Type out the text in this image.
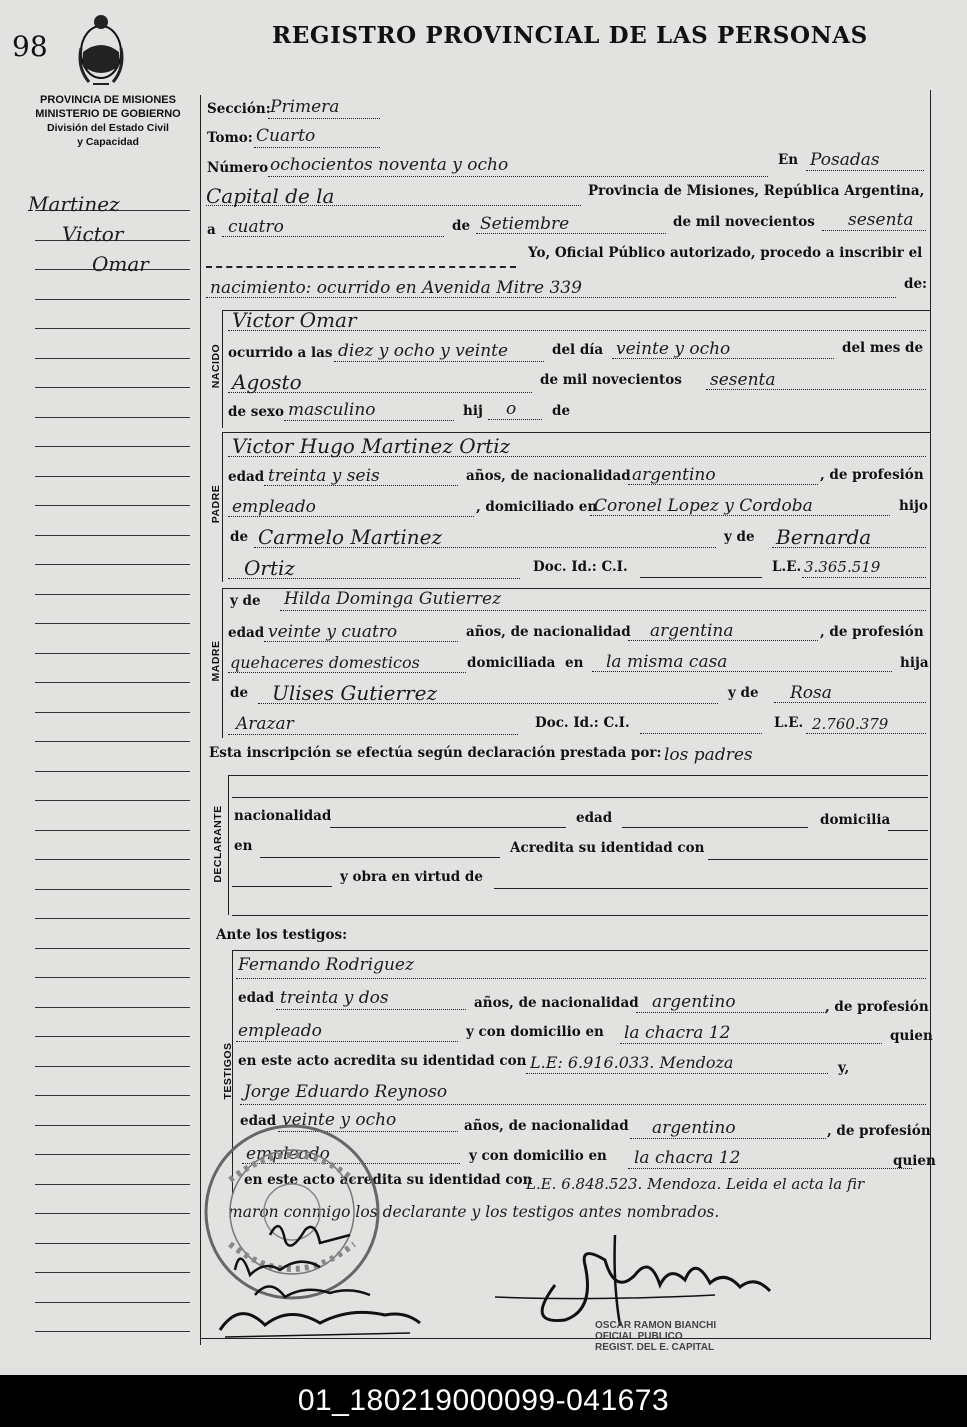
98	REGISTRO PROVINCIAL DE LAS PERSONAS
PROVINCIA DE MISIONES
MINISTERIO DE GOBIERNO
División del Estado Civil
y Capacidad
Martinez
Victor
Omar
Sección: Primera
Tomo: Cuarto
Número ochocientos noventa y ocho	En Posadas
Capital de la	Provincia de Misiones, República Argentina,
a cuatro	de Setiembre	de mil novecientos sesenta
Yo, Oficial Público autorizado, procedo a inscribir el
nacimiento: ocurrido en Avenida Mitre 339	de:
NACIDO
Victor Omar
ocurrido a las diez y ocho y veinte	del día veinte y ocho	del mes de
Agosto	de mil novecientos sesenta
de sexo masculino	hij o	de
PADRE
Victor Hugo Martinez Ortiz
edad treinta y seis	años, de nacionalidad argentino	, de profesión
empleado	, domiciliado en
Coronel Lopez y Cordoba	hijo
de Carmelo Martinez	y de Bernarda
Ortiz	Doc. Id.: C.I.	L.E. 3.365.519
MADRE
y de Hilda Dominga Gutierrez
edad veinte y cuatro	años, de nacionalidad argentina	, de profesión
quehaceres domesticos	domiciliada en la misma casa	hija
de Ulises Gutierrez	y de Rosa
Arazar	Doc. Id.: C.I.	L.E. 2.760.379
Esta inscripción se efectúa según declaración prestada por: los padres
DECLARANTE nacionalidad	edad	domicilia
en	Acredita su identidad con
y obra en virtud de
Ante los testigos:
TESTIGOS
Fernando Rodriguez
edad treinta y dos	años, de nacionalidad argentino	, de profesión
empleado	y con domicilio en la chacra 12	quien
en este acto acredita su identidad con L.E: 6.916.033. Mendoza	y,
Jorge Eduardo Reynoso
edad veinte y ocho	años, de nacionalidad argentino	, de profesión
empleado	y con domicilio en la chacra 12	quien
en este acto acredita su identidad con
L.E. 6.848.523. Mendoza. Leida el acta la fir
maron conmigo los declarante y los testigos antes nombrados.
OSCAR RAMON BIANCHI
OFICIAL PUBLICO
REGIST. DEL E. CAPITAL
01_180219000099-041673
